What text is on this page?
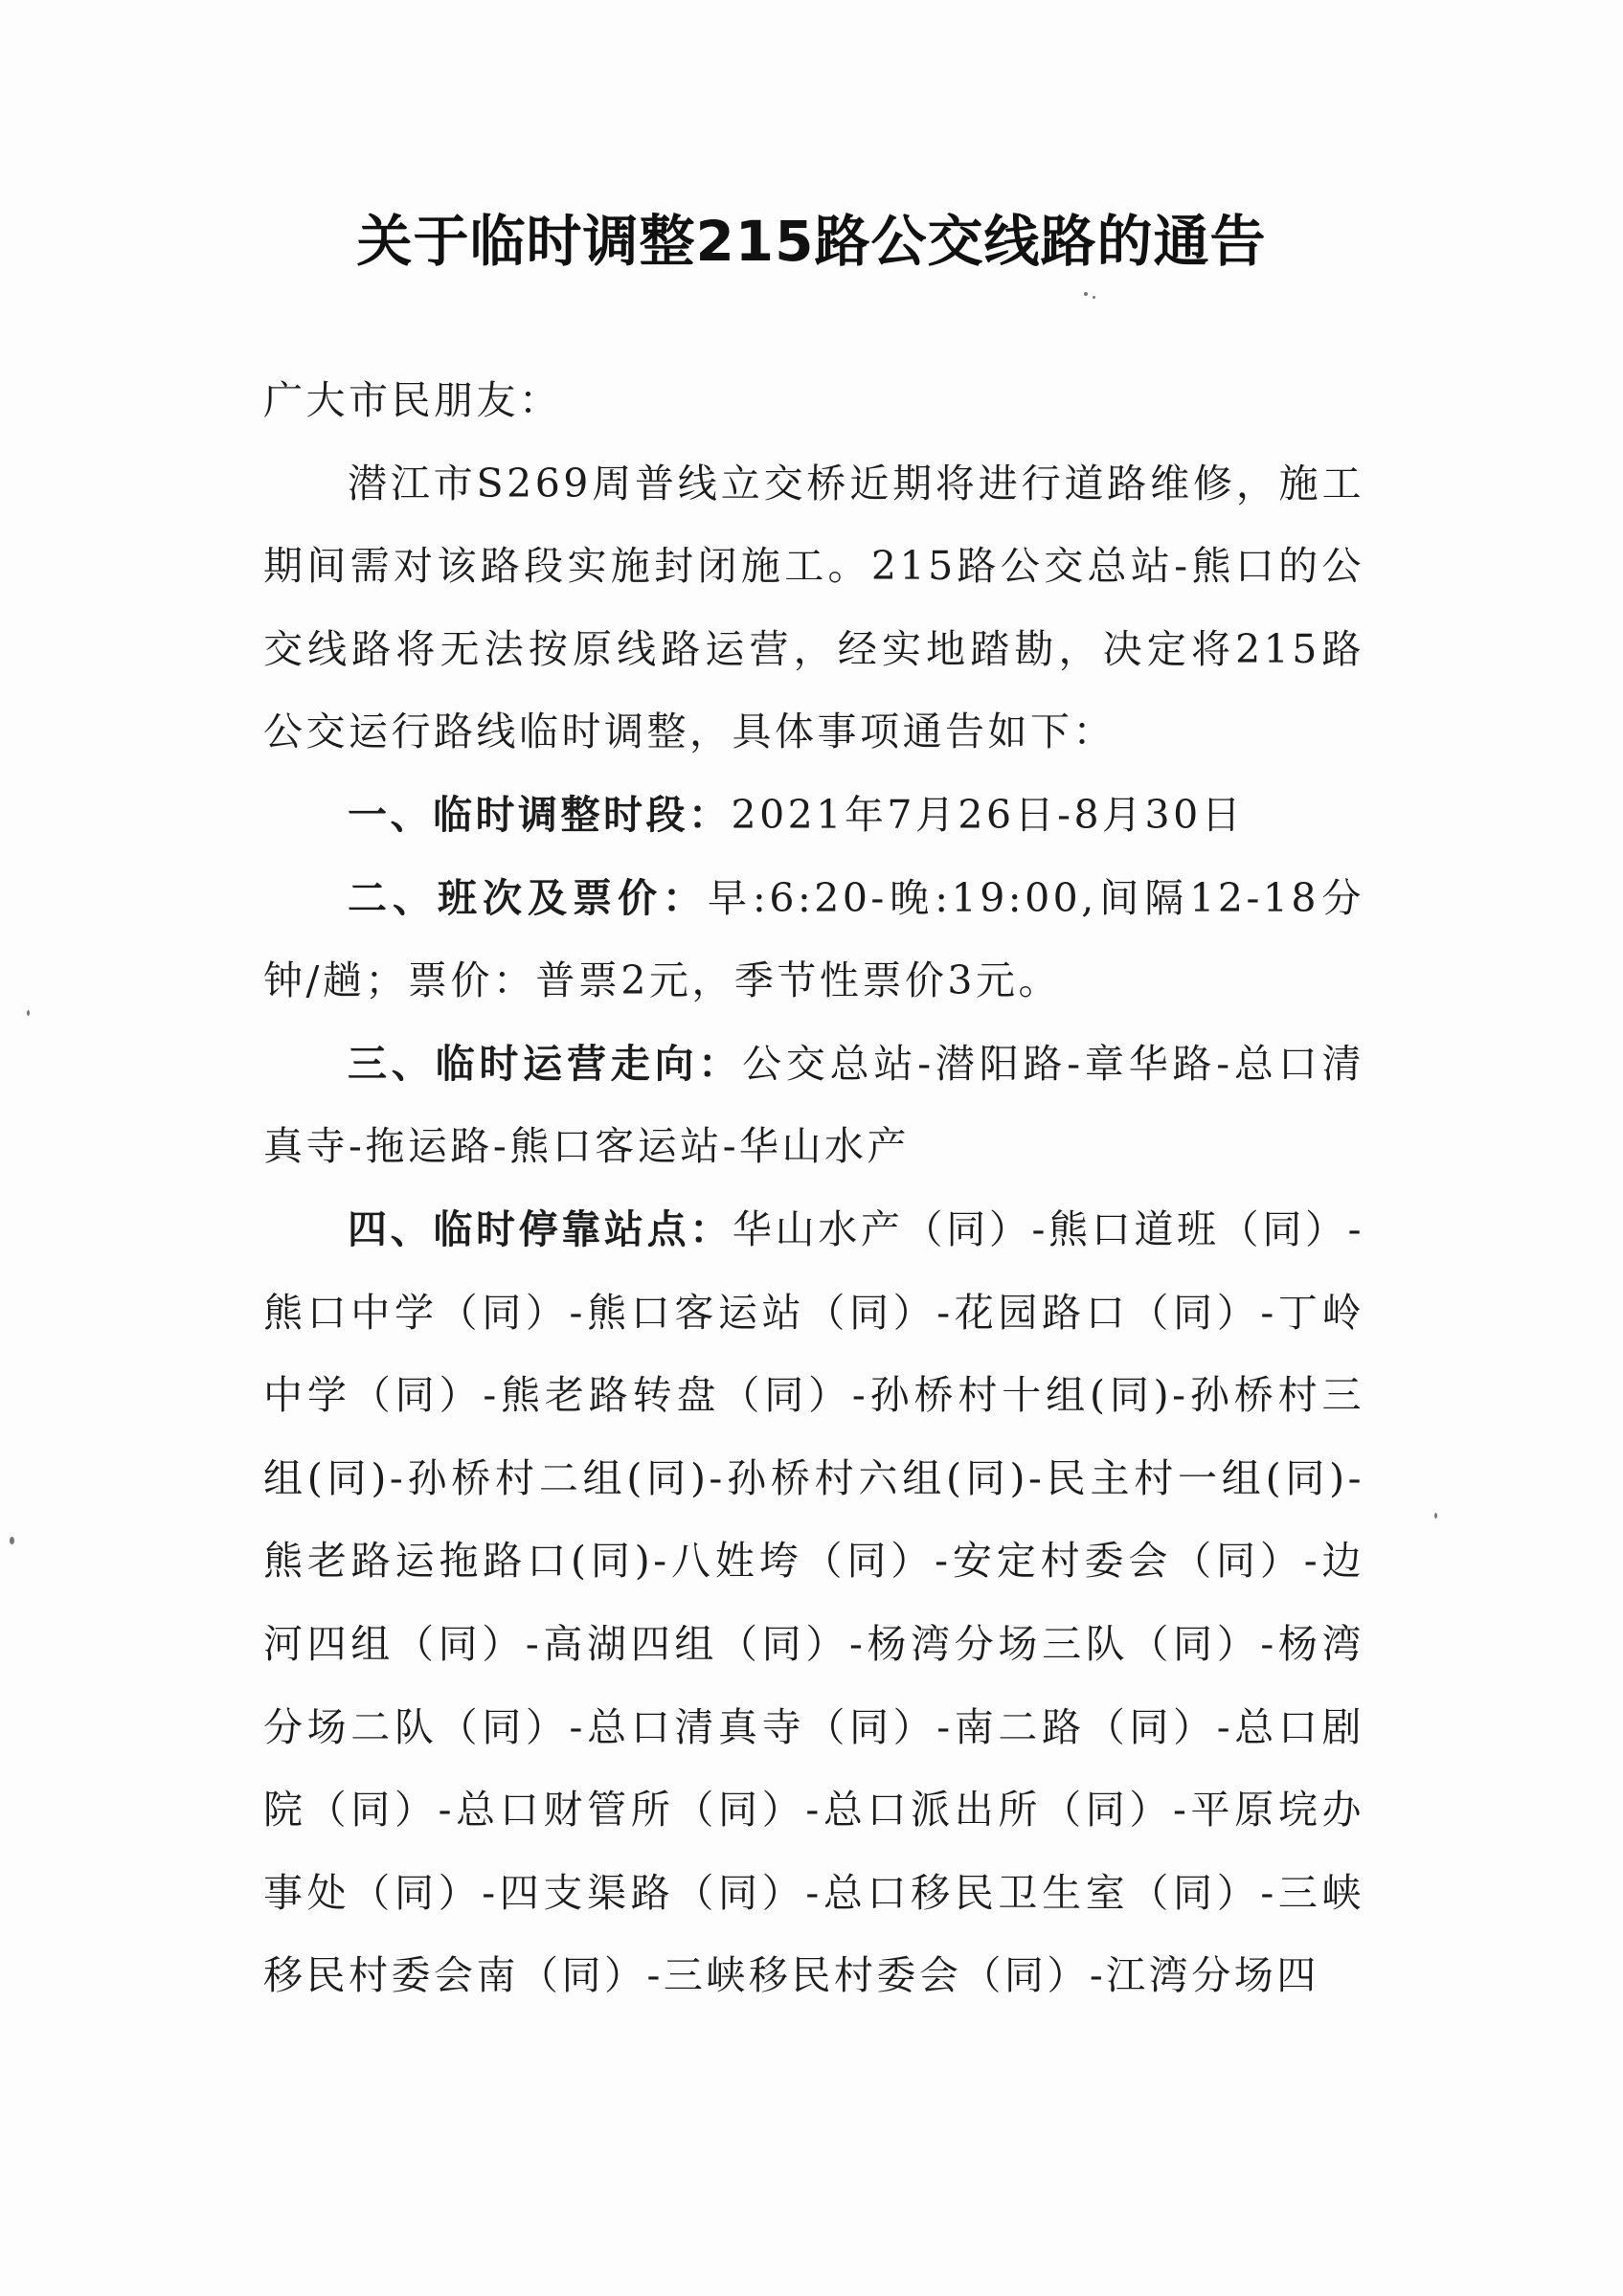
关于临时调整215路公交线路的通告

广大市民朋友：

潜江市S269周普线立交桥近期将进行道路维修，施工期间需对该路段实施封闭施工。215路公交总站-熊口的公交线路将无法按原线路运营，经实地踏勘，决定将215路公交运行路线临时调整，具体事项通告如下：

一、临时调整时段：2021年7月26日-8月30日

二、班次及票价：早:6:20-晚:19:00,间隔12-18分钟/趟；票价：普票2元，季节性票价3元。

三、临时运营走向：公交总站-潜阳路-章华路-总口清真寺-拖运路-熊口客运站-华山水产

四、临时停靠站点：华山水产（同）-熊口道班（同）-熊口中学（同）-熊口客运站（同）-花园路口（同）-丁岭中学（同）-熊老路转盘（同）-孙桥村十组(同)-孙桥村三组(同)-孙桥村二组(同)-孙桥村六组(同)-民主村一组(同)-熊老路运拖路口(同)-八姓垮（同）-安定村委会（同）-边河四组（同）-高湖四组（同）-杨湾分场三队（同）-杨湾分场二队（同）-总口清真寺（同）-南二路（同）-总口剧院（同）-总口财管所（同）-总口派出所（同）-平原垸办事处（同）-四支渠路（同）-总口移民卫生室（同）-三峡移民村委会南（同）-三峡移民村委会（同）-江湾分场四
